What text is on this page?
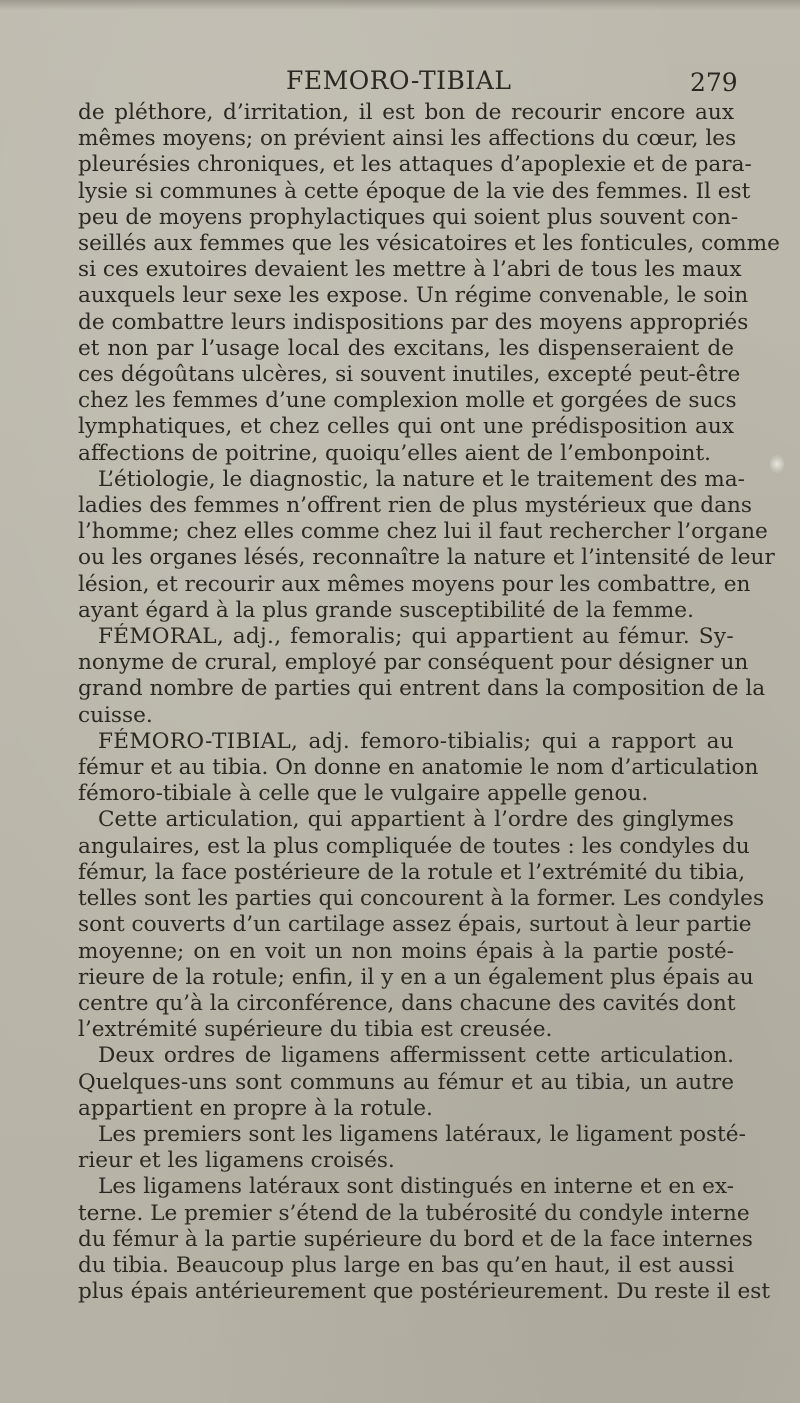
FEMORO-TIBIAL	279
de pléthore, d’irritation, il est bon de recourir encore aux
mêmes moyens; on prévient ainsi les affections du cœur, les
pleurésies chroniques, et les attaques d’apoplexie et de para-
lysie si communes à cette époque de la vie des femmes. Il est
peu de moyens prophylactiques qui soient plus souvent con-
seillés aux femmes que les vésicatoires et les fonticules, comme
si ces exutoires devaient les mettre à l’abri de tous les maux
auxquels leur sexe les expose. Un régime convenable, le soin
de combattre leurs indispositions par des moyens appropriés
et non par l’usage local des excitans, les dispenseraient de
ces dégoûtans ulcères, si souvent inutiles, excepté peut-être
chez les femmes d’une complexion molle et gorgées de sucs
lymphatiques, et chez celles qui ont une prédisposition aux
affections de poitrine, quoiqu’elles aient de l’embonpoint.
L’étiologie, le diagnostic, la nature et le traitement des ma-
ladies des femmes n’offrent rien de plus mystérieux que dans
l’homme; chez elles comme chez lui il faut rechercher l’organe
ou les organes lésés, reconnaître la nature et l’intensité de leur
lésion, et recourir aux mêmes moyens pour les combattre, en
ayant égard à la plus grande susceptibilité de la femme.
FÉMORAL, adj., femoralis; qui appartient au fémur. Sy-
nonyme de crural, employé par conséquent pour désigner un
grand nombre de parties qui entrent dans la composition de la
cuisse.
FÉMORO-TIBIAL, adj. femoro-tibialis; qui a rapport au
fémur et au tibia. On donne en anatomie le nom d’articulation
fémoro-tibiale à celle que le vulgaire appelle genou.
Cette articulation, qui appartient à l’ordre des ginglymes
angulaires, est la plus compliquée de toutes : les condyles du
fémur, la face postérieure de la rotule et l’extrémité du tibia,
telles sont les parties qui concourent à la former. Les condyles
sont couverts d’un cartilage assez épais, surtout à leur partie
moyenne; on en voit un non moins épais à la partie posté-
rieure de la rotule; enfin, il y en a un également plus épais au
centre qu’à la circonférence, dans chacune des cavités dont
l’extrémité supérieure du tibia est creusée.
Deux ordres de ligamens affermissent cette articulation.
Quelques-uns sont communs au fémur et au tibia, un autre
appartient en propre à la rotule.
Les premiers sont les ligamens latéraux, le ligament posté-
rieur et les ligamens croisés.
Les ligamens latéraux sont distingués en interne et en ex-
terne. Le premier s’étend de la tubérosité du condyle interne
du fémur à la partie supérieure du bord et de la face internes
du tibia. Beaucoup plus large en bas qu’en haut, il est aussi
plus épais antérieurement que postérieurement. Du reste il est
